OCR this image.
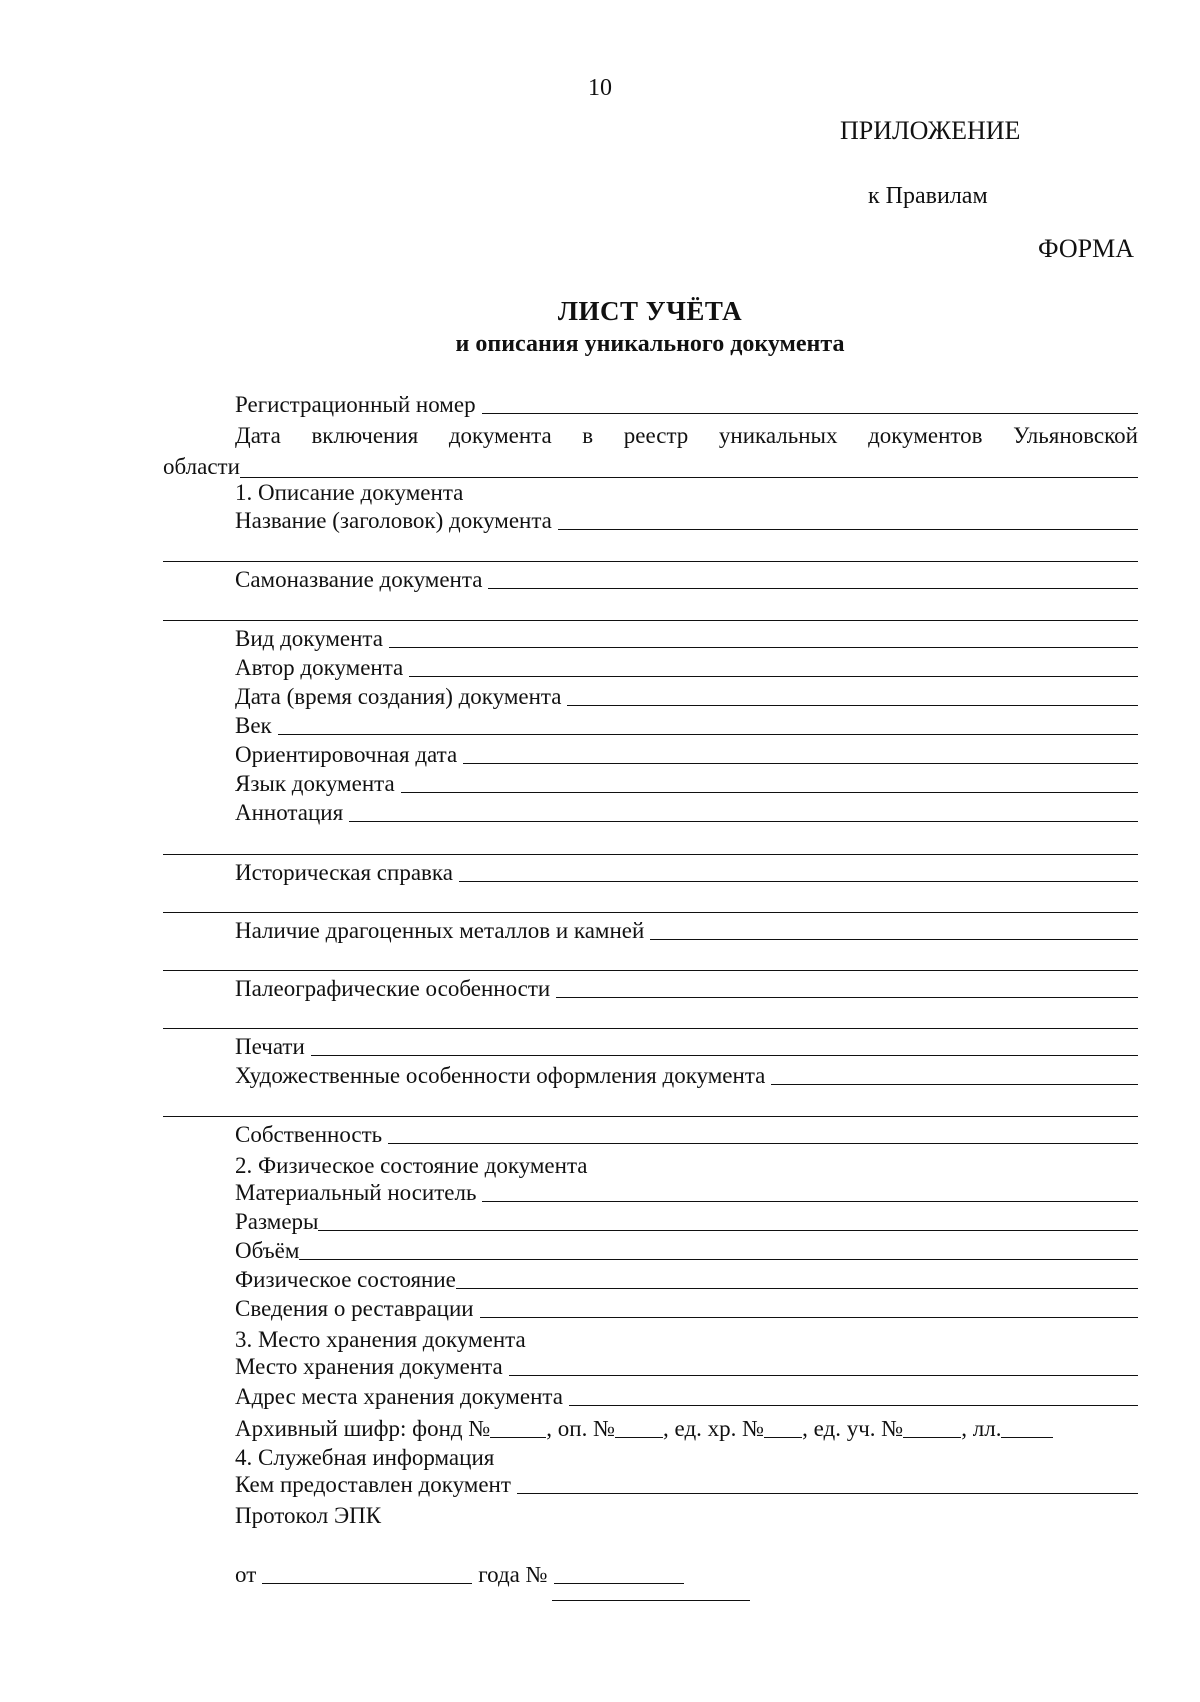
10
ПРИЛОЖЕНИЕ
к Правилам
ФОРМА
ЛИСТ УЧЁТА
и описания уникального документа
Регистрационный номер
Дата включения документа в реестр уникальных документов Ульяновской
области
1. Описание документа
Название (заголовок) документа
Самоназвание документа
Вид документа
Автор документа
Дата (время создания) документа
Век
Ориентировочная дата
Язык документа
Аннотация
Историческая справка
Наличие драгоценных металлов и камней
Палеографические особенности
Печати
Художественные особенности оформления документа
Собственность
2. Физическое состояние документа
Материальный носитель
Размеры
Объём
Физическое состояние
Сведения о реставрации
3. Место хранения документа
Место хранения документа
Адрес места хранения документа
Архивный шифр: фонд № , оп. № , ед. хр. № , ед. уч. №	, лл.
4. Служебная информация
Кем предоставлен документ
Протокол ЭПК
от	года №
